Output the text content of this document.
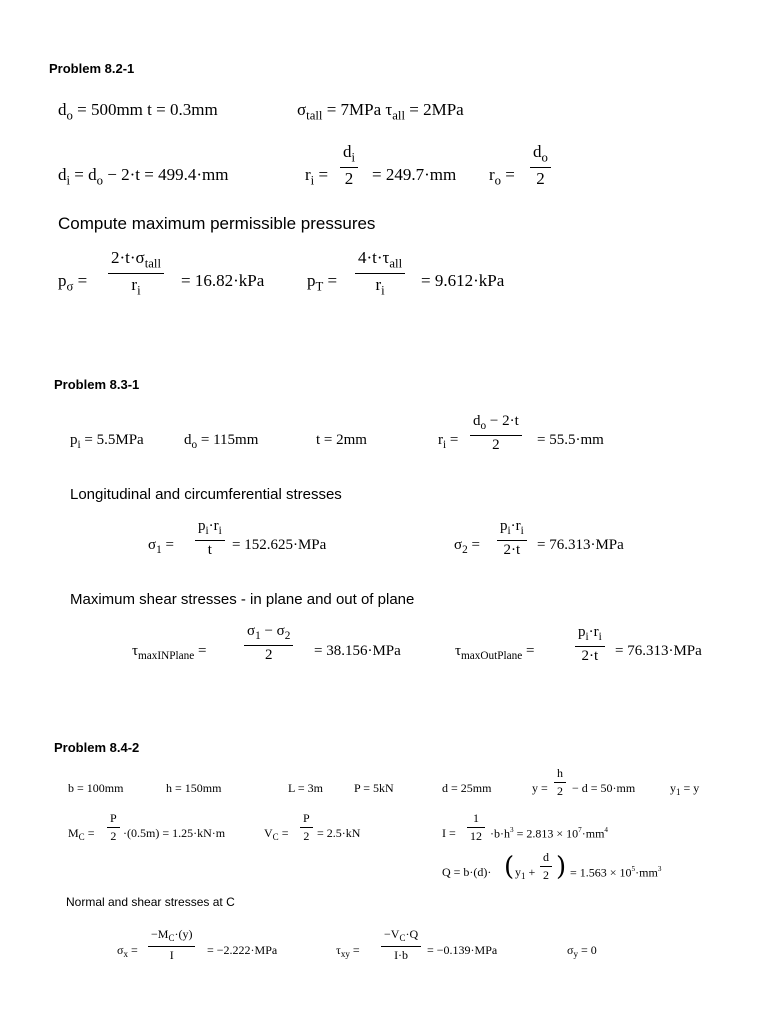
Problem 8.2-1
$d_o = 500mm$ t = 0.3mm	$\sigma_{tall} = 7MPa$ $\tau_{all} = 2MPa$
$d_i = d_o - 2\cdot t = 499.4\cdot mm$	$r_i$ =
$d_i$
2 = 249.7·mm $r_o$ =
$d_o$
2
Compute maximum permissible pressures
$p_\sigma$ =
$2\cdot t\cdot\sigma_{tall}$
$r_i$
= 16.82·kPa	$p_T$ =
$4\cdot t\cdot\tau_{all}$
$r_i$
= 9.612·kPa
Problem 8.3-1
$p_i = 5.5MPa$	$d_o = 115mm$	t = 2mm	$r_i$ =
$d_o - 2\cdot t$
2 = 55.5·mm
Longitudinal and circumferential stresses
$\sigma_1$ =
$p_i\cdot r_i$
t = 152.625·MPa	$\sigma_2$ =
$p_i\cdot r_i$
2·t = 76.313·MPa
Maximum shear stresses - in plane and out of plane
$\tau_{maxINPlane}$ =
$\sigma_1 - \sigma_2$
2	= 38.156·MPa	$\tau_{maxOutPlane}$ =
$p_i\cdot r_i$
2·t = 76.313·MPa
Problem 8.4-2
b = 100mm	h = 150mm	L = 3m	P = 5kN	d = 25mm	y =
h
2 − d = 50·mm	$y_1 = y$
$M_C$ =
P
2 ·(0.5m) = 1.25·kN·m	$V_C$ =
P
2 = 2.5·kN	I =
1
$12 \cdot b\cdot h^3 = 2.813 \times 10^7\cdot mm^4$
Q = b·(d)· ( $y_1$ +
d
2 ) = $1.563 \times 10^5\cdot mm^3$
Normal and shear stresses at C
$\sigma_x$ =
$-M_C\cdot(y)$
I	= −2.222·MPa	$\tau_{xy}$ =
$-V_C\cdot Q$
I·b = −0.139·MPa	$\sigma_y = 0$
